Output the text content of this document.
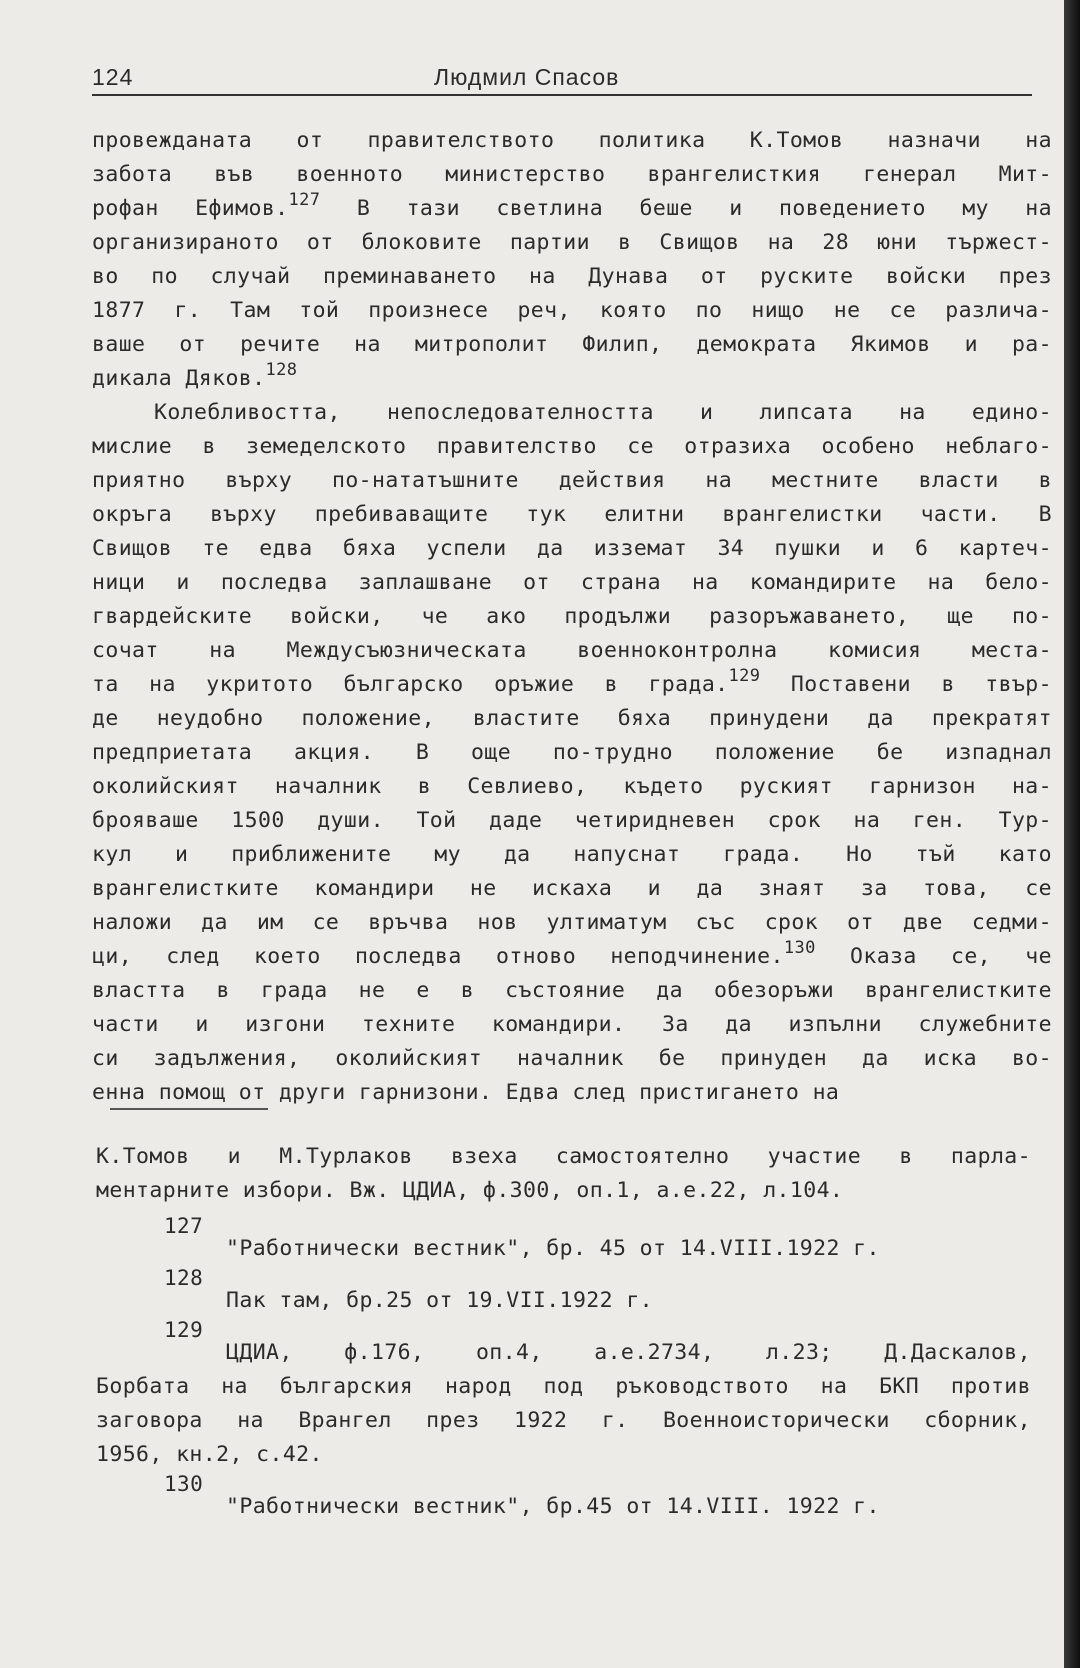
124	Людмил Спасов
провежданата от правителството политика К.Томов назначи на
забота във военното министерство врангелисткия генерал Мит-
рофан Ефимов.$^{127}$ В тази светлина беше и поведението му на
организираното от блоковите партии в Свищов на 28 юни тържест-
во по случай преминаването на Дунава от руските войски през
1877 г. Там той произнесе реч, която по нищо не се различа-
ваше от речите на митрополит Филип, демократа Якимов и ра-
дикала Дяков.$^{128}$
Колебливостта, непоследователността и липсата на едино-
мислие в земеделското правителство се отразиха особено неблаго-
приятно върху по-нататъшните действия на местните власти в
окръга върху пребиваващите тук елитни врангелистки части. В
Свищов те едва бяха успели да изземат 34 пушки и 6 картеч-
ници и последва заплашване от страна на командирите на бело-
гвардейските войски, че ако продължи разоръжаването, ще по-
сочат на Междусъюзническата военноконтролна комисия места-
та на укритото българско оръжие в града.$^{129}$ Поставени в твър-
де неудобно положение, властите бяха принудени да прекратят
предприетата акция. В още по-трудно положение бе изпаднал
околийският началник в Севлиево, където руският гарнизон на-
брояваше 1500 души. Той даде четиридневен срок на ген. Тур-
кул и приближените му да напуснат града. Но тъй като
врангелистките командири не искаха и да знаят за това, се
наложи да им се връчва нов ултиматум със срок от две седми-
ци, след което последва отново неподчинение.$^{130}$ Оказа се, че
властта в града не е в състояние да обезоръжи врангелистките
части и изгони техните командири. За да изпълни служебните
си задължения, околийският началник бе принуден да иска во-
енна помощ от други гарнизони. Едва след пристигането на
К.Томов и М.Турлаков взеха самостоятелно участие в парла-
ментарните избори. Вж. ЦДИА, ф.300, оп.1, а.е.22, л.104.
127
"Работнически вестник", бр. 45 от 14.VIII.1922 г.
128
Пак там, бр.25 от 19.VII.1922 г.
129
ЦДИА, ф.176, оп.4, а.е.2734, л.23; Д.Даскалов,
Борбата на българския народ под ръководството на БКП против
заговора на Врангел през 1922 г. Военноисторически сборник,
1956, кн.2, с.42.
130
"Работнически вестник", бр.45 от 14.VIII. 1922 г.
